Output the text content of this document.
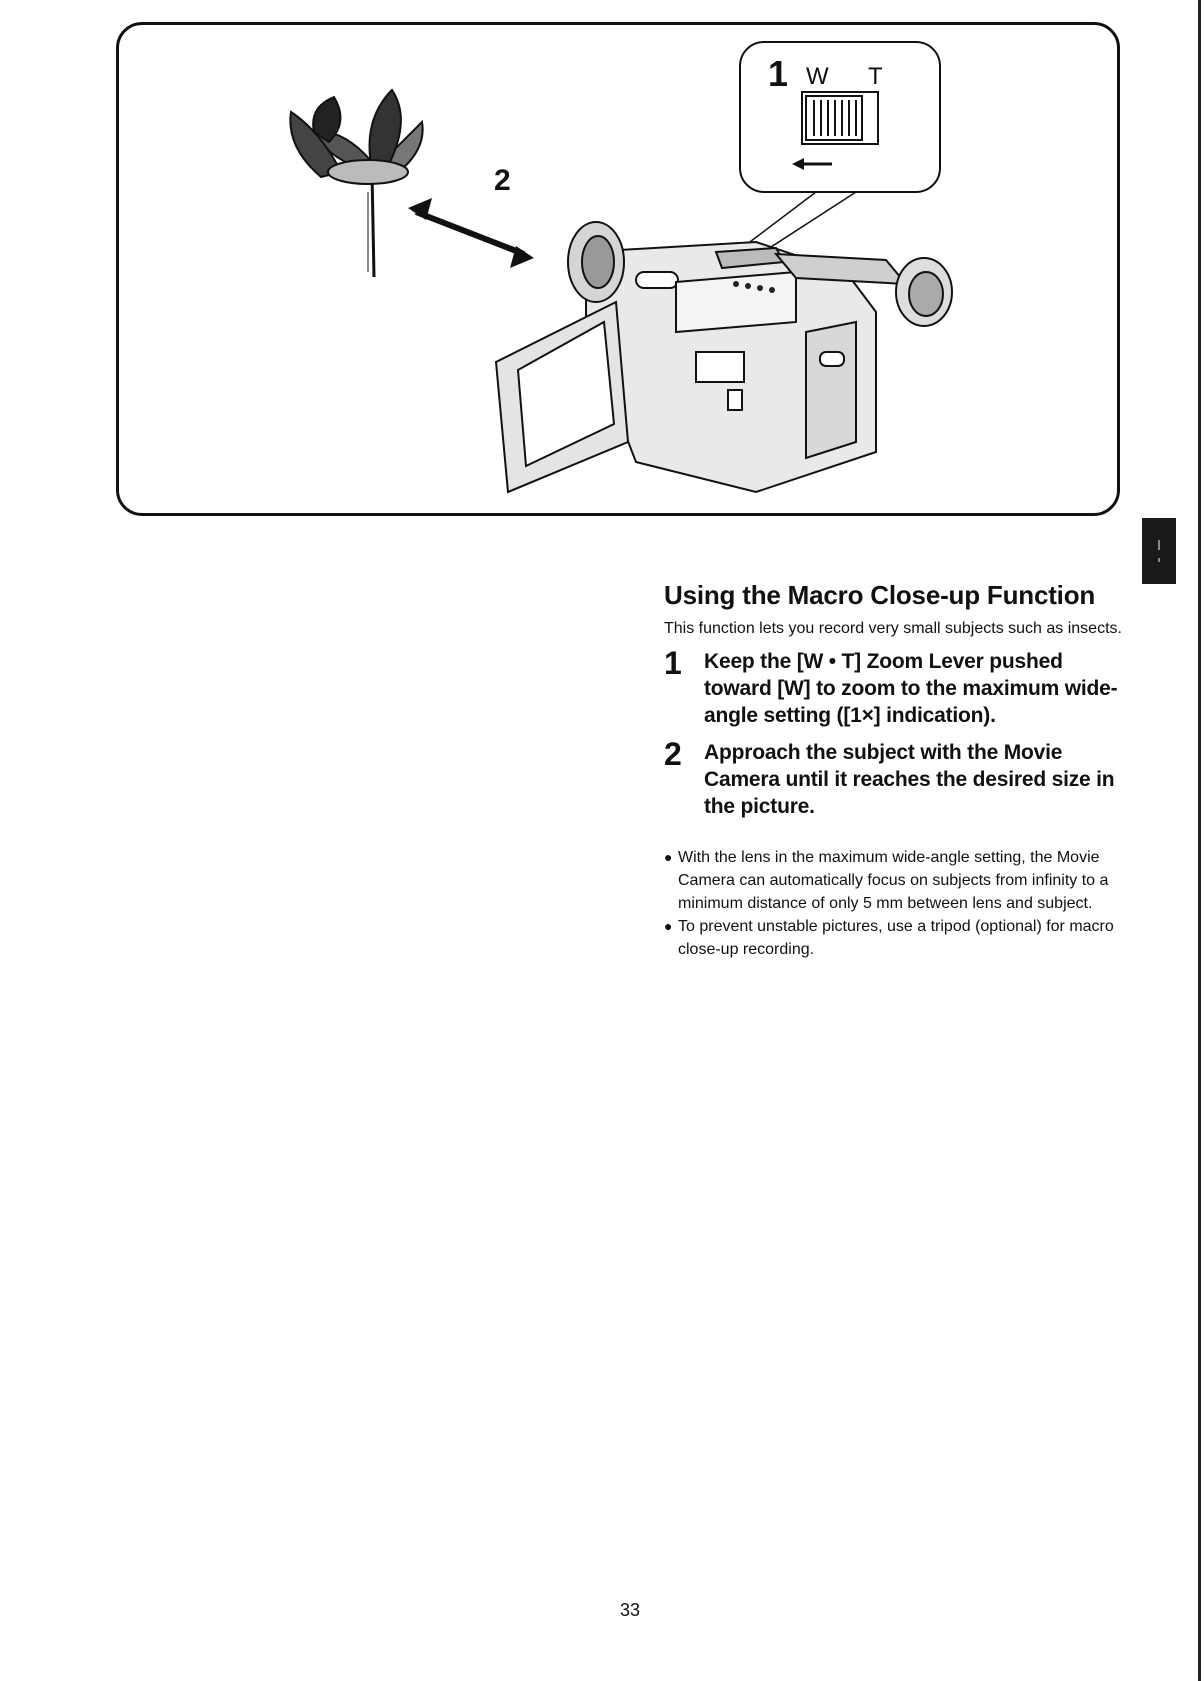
2
1 W T
Using the Macro Close-up Function

This function lets you record very small subjects such as insects.

1	Keep the [W • T] Zoom Lever pushed toward [W] to zoom to the maximum wide-angle setting ([1×] indication).
2	Approach the subject with the Movie Camera until it reaches the desired size in the picture.
● With the lens in the maximum wide-angle setting, the Movie Camera can automatically focus on subjects from infinity to a minimum distance of only 5 mm between lens and subject.
● To prevent unstable pictures, use a tripod (optional) for macro close-up recording.
33
